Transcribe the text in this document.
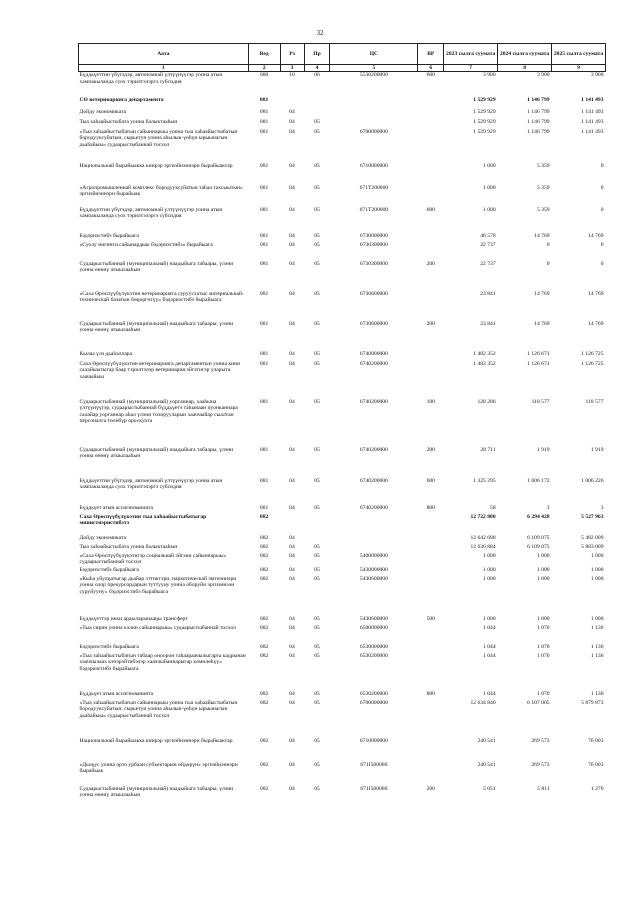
32
Аата	Вед	Рз	Пр	ЦС	ВР	2023 сылга суумата	2024 сылга суумата	2025 сылга суумата
1	2	3	4	5	6	7	8	9
Бүддьүеттин үбүгэдэр, автономнай үлтүүнүүгэр уонна атын хампакыланда суох тэрилтэлэргэ субсидия	080	10	06	5530200000	600	3 900	3 900	3 900
СӨ ветеринарияга департамента	081					1 529 929	1 146 799	1 141 493
Дойду экономиката	081	04				1 529 929	1 146 799	1 141 493
Тыа хаһаайыстыбата уонна балыктааһын	081	04	05			1 529 929	1 146 799	1 141 493
«Тыа хаһаайыстыбатын сайыннарыы уонна тыа хаһаайыстыбатын бородууксуйатын, сырьетун уонна аһылык-үөһүн ырыынагын дьаһайыы» судаарыстыбаннай тосхол	081	04	05	6700000000		1 529 929	1 146 799	1 141 493
Национальнай бырайыакка киирэр эргиэйиэннэри бырайыактар	081	04	05	6710000000		1 000	5 359	0
«Агропромышленнай комплекс бородууксуйатын таһаа тахсыытын» эргиэйиэннэри бырайыак	081	04	05	671T200000		1 000	5 359	0
Бүддьүеттин үбүгэдэр, автономнай үлтүүнүүгэр уонна атын хампакыланда суох тэрилтэлэргэ субсидия	081	04	05	671T200000	600	1 000	5 359	0
Бэдэриэстибэ бырайыага	081	04	05	6730000000		46 578	14 769	14 769
«Суолу ингинги сайынардыы бэдэриэстибэ» бырайыага	081	04	05	6730300000		22 737	0	0
Судаарыстыбаннай (муниципальнай) наадыйыга табаары, үлэни уонна өнөнү атыылааһын	081	04	05	6730300000	200	22 737	0	0
«Саха Өрөспүүбүлүкэтин ветеринарията суруусхатыс материальнай-техническай базатын бөҕөргөтүү» бэдэриэстибэ бырайыага	081	04	05	6730600000		23 841	14 769	14 769
Судаарыстыбаннай (муниципальнай) наадыйыга табаары, үлэни уонна өнөнү атыылааһын	081	04	05	6730600000	200	23 841	14 769	14 769
Кылаа үлэ дьаһаллара	081	04	05	6740000000		1 482 352	1 126 671	1 126 725
Саха Өрөспүүбүлүкэтин ветеринарияга департаментын уонна кини салайыытыгар баар тэрилтэлэр ветеринария эйгэтигэр уларыта хаачыйыы	081	04	05	6740200000		1 482 352	1 126 671	1 126 725
Судаарыстыбаннай (муниципальнай) уорганнар, хааһына үлтүүнүүгэр, судаарыстыбаннай бүддьүетэ таһынаан пуонканнара салайар уорганнар аһал үлэни толорууларын хааччыйар сыалтан персоналга төлөбүр ороскуота	081	04	05	6740200000	100	128 286	118 577	118 577
Судаарыстыбаннай (муниципальнай) наадыйыга табаары, үлэни уонна өнөнү атыылааһын	081	04	05	6740200000	200	28 711	1 919	1 919
Бүддьүеттин үбүгэдэр, автономнай үлтүүнүүгэр уонна атын хампакыланда суох тэрилтэлэргэ субсидия	081	04	05	6740200000	600	1 325 295	1 006 172	1 006 226
Бүддьүет атын ассигнованията	081	04	05	6740200000	800	58	3	3
Саха Өрөспүүбүлүкэтин тыа хаһаайыстыбатыгар министиэристибэтэ	082					12 722 880	6 294 428	5 527 963
Дойду экономиката	082	04				12 642 688	6 109 075	5 482 009
Тыа хаһаайыстыбата уонна балыктааһын	082	04	05			12 636 884	6 109 075	5 883 009
«Саха Өрөспүүбүлүкэтигэр социальнай эйгэни сайыннарыы» судаарыстыбаннай тосхол	082	04	05	5400000000		1 000	1 000	1 000
Бэдэриэстибэ бырайыага	082	04	05	5430000000		1 000	1 000	1 000
«Кыһа уйулҕатыгар дьайар эттиктэри, наркотическай эмтиэннэри уонна олор прекурсордарын туттууну уонна оборуйн эргиэннээн суруйууну» бэдэриэстибэ бырайыага	082	04	05	5430600000		1 000	1 000	1 000
Бүддьүеттэр икки ардыларынааҕы трансферт	082	04	05	5430600000	500	1 000	1 000	1 000
«Тыа сирин уонна кэлин сайыннарыы» судаарыстыбаннай тосхол	082	04	05	6500000000		1 044	1 070	1 136
Бэдэриэстибэ бырайыага	082	04	05	6530000000		1 044	1 070	1 136
«Тыа хаһаайыстыбатын табаар оноорон таһаараачылыгарга кадрынан хааччылаах кэпэрэйтибэлэр хааччыйаннарыгар көмөлөһүү» бэдэриэстибэ бырайыага	082	04	05	6530200000		1 044	1 070	1 136
Бүддьүет атын ассигнованията	082	04	05	6530200000	800	1 044	1 070	1 136
«Тыа хаһаайыстыбатын сайыннарыы уонна тыа хаһаайыстыбатын бородууксуйатын, сырьетун уонна аһылык-үөһүн ырыынагын дьаһайыы» судаарыстыбаннай тосхол	082	04	05	6700000000		12 634 840	6 107 005	5 879 873
Национальнай бырайыакка киирэр эргиэйиэннэри бырайыактар	082	04	05	6710000000		240 541	269 573	76 003
«Дьоҕус уонна орто урбаан субъектарын өйдөрүн» эргиэйиэннэри бырайыак	082	04	05	671I500000		240 541	269 573	76 003
Судаарыстыбаннай (муниципальнай) наадыйыга табаары, үлэни уонна өнөнү атыылааһын	082	04	05	671I500000	200	5 051	5 811	1 270
